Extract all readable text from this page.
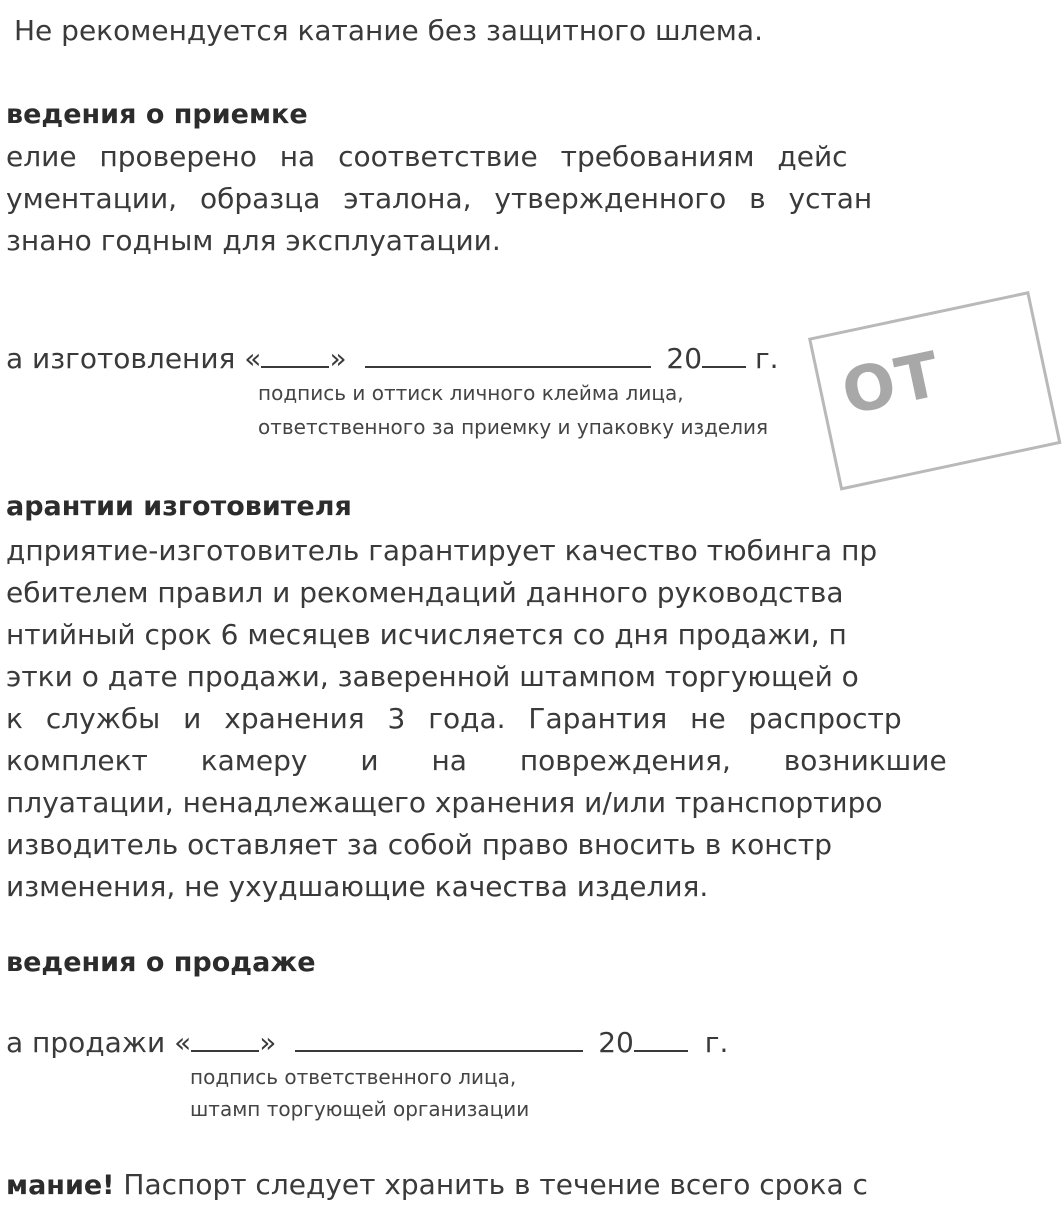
Не рекомендуется катание без защитного шлема.
ведения о приемке
елие проверено на соответствие требованиям дейс
ументации, образца эталона, утвержденного в устан
знано годным для эксплуатации.
а изготовления « »	20 г.
подпись и оттиск личного клейма лица,
ответственного за приемку и упаковку изделия ОТ
арантии изготовителя
дприятие-изготовитель гарантирует качество тюбинга пр
ебителем правил и рекомендаций данного руководства
нтийный срок 6 месяцев исчисляется со дня продажи, п
этки о дате продажи, заверенной штампом торгующей о
к службы и хранения 3 года. Гарантия не распростр
комплект камеру и на повреждения, возникшие
плуатации, ненадлежащего хранения и/или транспортиро
изводитель оставляет за собой право вносить в констр
изменения, не ухудшающие качества изделия.
ведения о продаже
а продажи « »	20	г.
подпись ответственного лица,
штамп торгующей организации
мание! Паспорт следует хранить в течение всего срока с
